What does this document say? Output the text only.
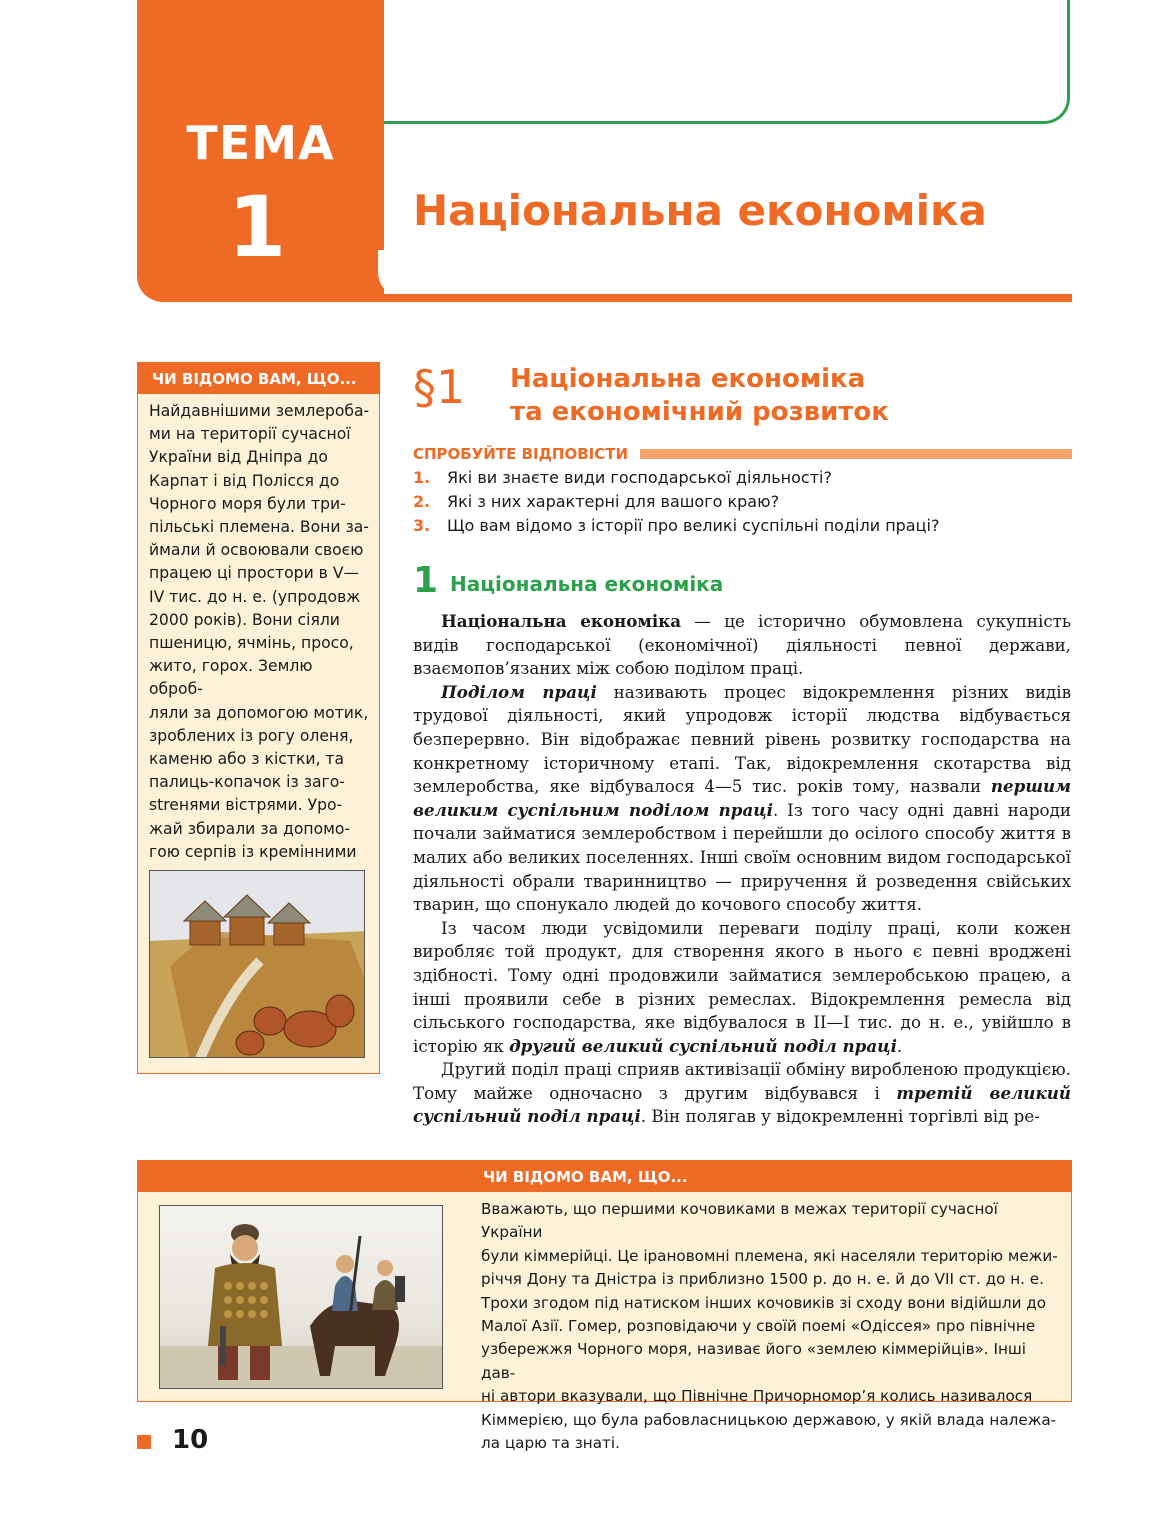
ТЕМА
1	Національна економіка
ЧИ ВІДОМО ВАМ, ЩО...
Найдавнішими землероба-
ми на території сучасної
України від Дніпра до
Карпат і від Полісся до
Чорного моря були три-
пільські племена. Вони за-
ймали й освоювали своєю
працею ці простори в V—
IV тис. до н. е. (упродовж
2000 років). Вони сіяли
пшеницю, ячмінь, просо,
жито, горох. Землю оброб-
ляли за допомогою мотик,
зроблених із рогу оленя,
каменю або з кістки, та
палиць-копачок із заго-
streнями вістрями. Уро-
жай збирали за допомо-
гою серпів із кремінними
§1 Національна економіка
та економічний розвиток
СПРОБУЙТЕ ВІДПОВІСТИ
1. Які ви знаєте види господарської діяльності?
2. Які з них характерні для вашого краю?
3. Що вам відомо з історії про великі суспільні поділи праці?
1 Національна економіка

Національна економіка — це історично обумовлена сукупність видів господарської (економічної) діяльності певної держави, взаємопов’язаних між собою поділом праці.

Поділом праці називають процес відокремлення різних видів трудової діяльності, який упродовж історії людства відбувається безперервно. Він відображає певний рівень розвитку господарства на конкретному історичному етапі. Так, відокремлення скотарства від землеробства, яке відбувалося 4—5 тис. років тому, назвали першим великим суспільним поділом праці. Із того часу одні давні народи почали займатися землеробством і перейшли до осілого способу життя в малих або великих поселеннях. Інші своїм основним видом господарської діяльності обрали тваринництво — приручення й розведення свійських тварин, що спонукало людей до кочового способу життя.

Із часом люди усвідомили переваги поділу праці, коли кожен виробляє той продукт, для створення якого в нього є певні вроджені здібності. Тому одні продовжили займатися землеробською працею, а інші проявили себе в різних ремеслах. Відокремлення ремесла від сільського господарства, яке відбувалося в ІІ—І тис. до н. е., увійшло в історію як другий великий суспільний поділ праці.

Другий поділ праці сприяв активізації обміну виробленою продукцією. Тому майже одночасно з другим відбувався і третій великий суспільний поділ праці. Він полягав у відокремленні торгівлі від ре-

ЧИ ВІДОМО ВАМ, ЩО...
Вважають, що першими кочовиками в межах території сучасної України
були кіммерійці. Це ірановомні племена, які населяли територію межи-
річчя Дону та Дністра із приблизно 1500 р. до н. е. й до VII ст. до н. е.
Трохи згодом під натиском інших кочовиків зі сходу вони відійшли до
Малої Азії. Гомер, розповідаючи у своїй поемі «Одіссея» про північне
узбережжя Чорного моря, називає його «землею кіммерійців». Інші дав-
ні автори вказували, що Північне Причорномор’я колись називалося
Кіммерією, що була рабовласницькою державою, у якій влада належа-
ла царю та знаті.
10
